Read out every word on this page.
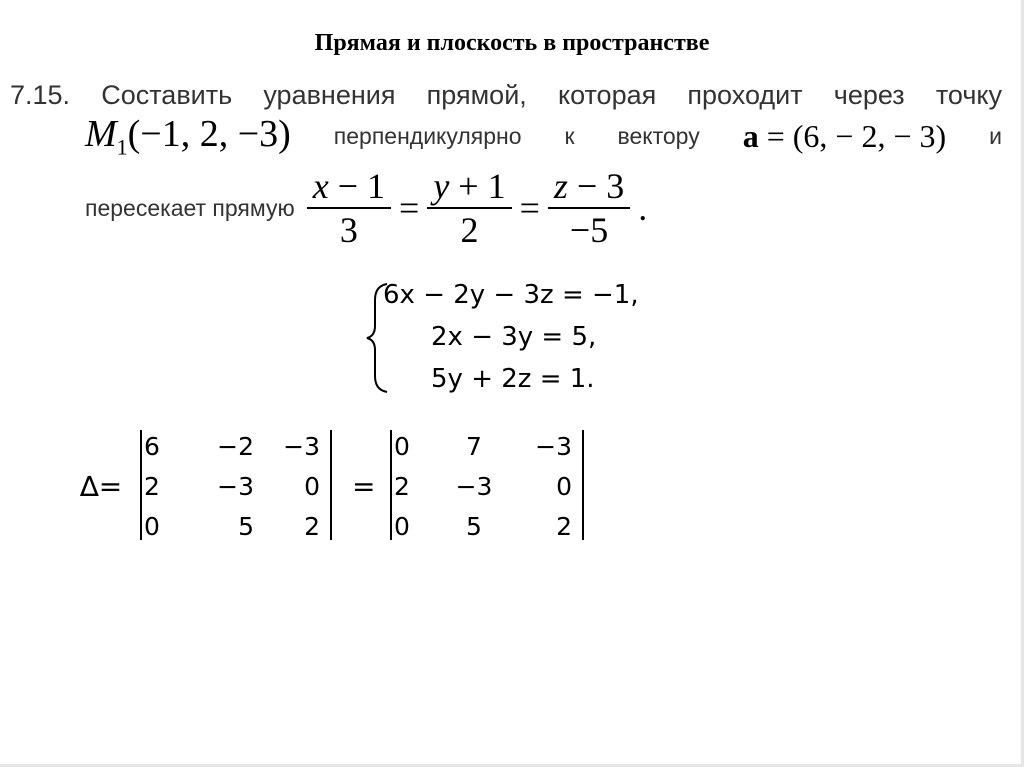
Прямая и плоскость в пространстве
7.15. Составить уравнения прямой, которая проходит через точку
$M_1(-1$, 2, −3) перпендикулярно к вектору a = (6, − 2, − 3) и
пересекает прямую $\frac{x - 1}{3} = \frac{y + 1}{2} = \frac{z - 3}{-5}$ .
6x − 2y − 3z = −1,
2x − 3y = 5,
5y + 2z = 1.
∆=
6	−2	−3
2	−3	0
0	5	2
=
0	7	−3
2	−3	0
0	5	2
